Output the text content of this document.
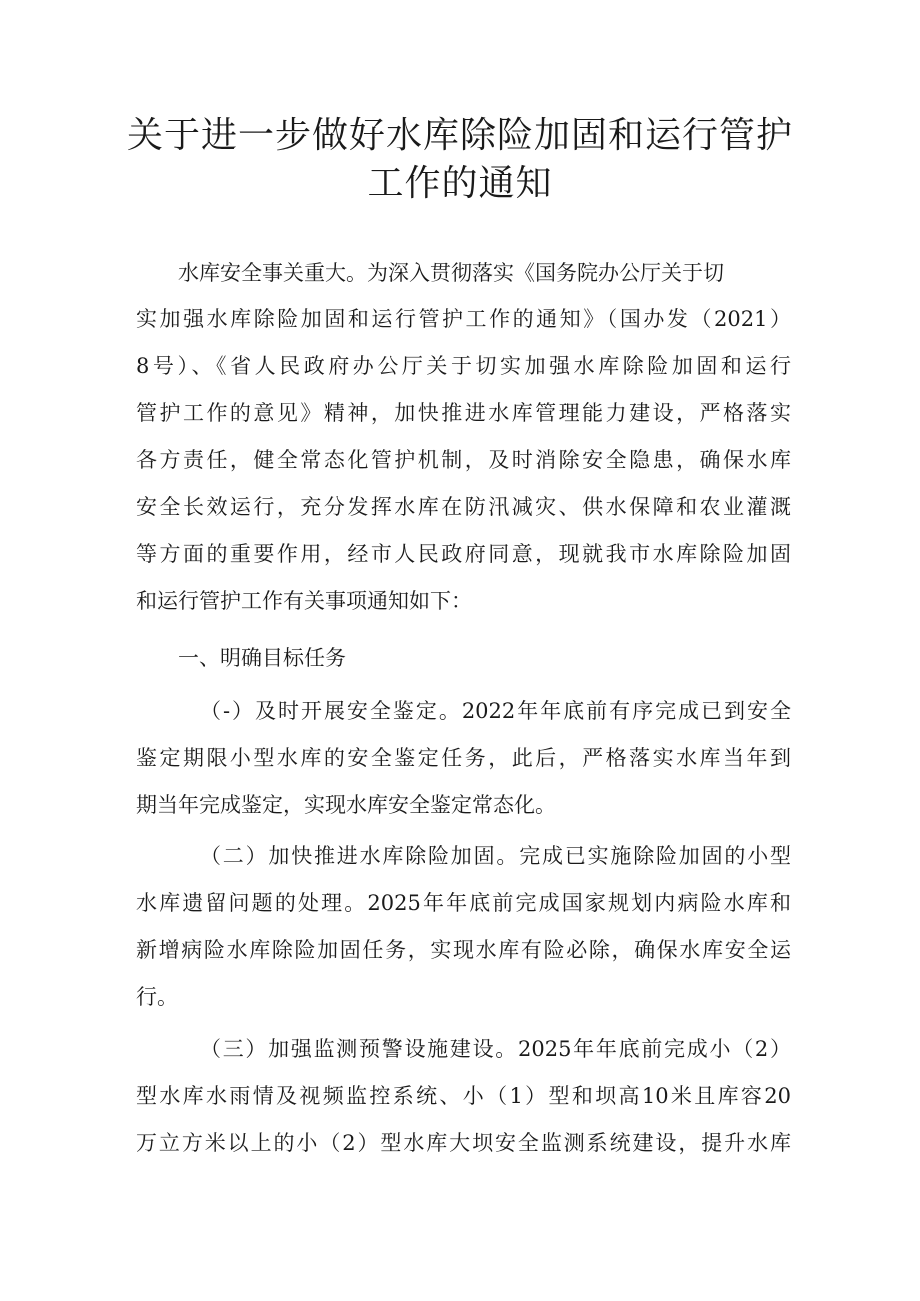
关于进一步做好水库除险加固和运行管护
工作的通知
水库安全事关重大。为深入贯彻落实《国务院办公厅关于切
实加强水库除险加固和运行管护工作的通知》（国办发（2021）
8号）、《省人民政府办公厅关于切实加强水库除险加固和运行
管护工作的意见》精神，加快推进水库管理能力建设，严格落实
各方责任，健全常态化管护机制，及时消除安全隐患，确保水库
安全长效运行，充分发挥水库在防汛减灾、供水保障和农业灌溉
等方面的重要作用，经市人民政府同意，现就我市水库除险加固
和运行管护工作有关事项通知如下：
一、明确目标任务
（-）及时开展安全鉴定。2022年年底前有序完成已到安全
鉴定期限小型水库的安全鉴定任务，此后，严格落实水库当年到
期当年完成鉴定，实现水库安全鉴定常态化。
（二）加快推进水库除险加固。完成已实施除险加固的小型
水库遗留问题的处理。2025年年底前完成国家规划内病险水库和
新增病险水库除险加固任务，实现水库有险必除，确保水库安全运
行。
（三）加强监测预警设施建设。2025年年底前完成小（2）
型水库水雨情及视频监控系统、小（1）型和坝高10米且库容20
万立方米以上的小（2）型水库大坝安全监测系统建设，提升水库
